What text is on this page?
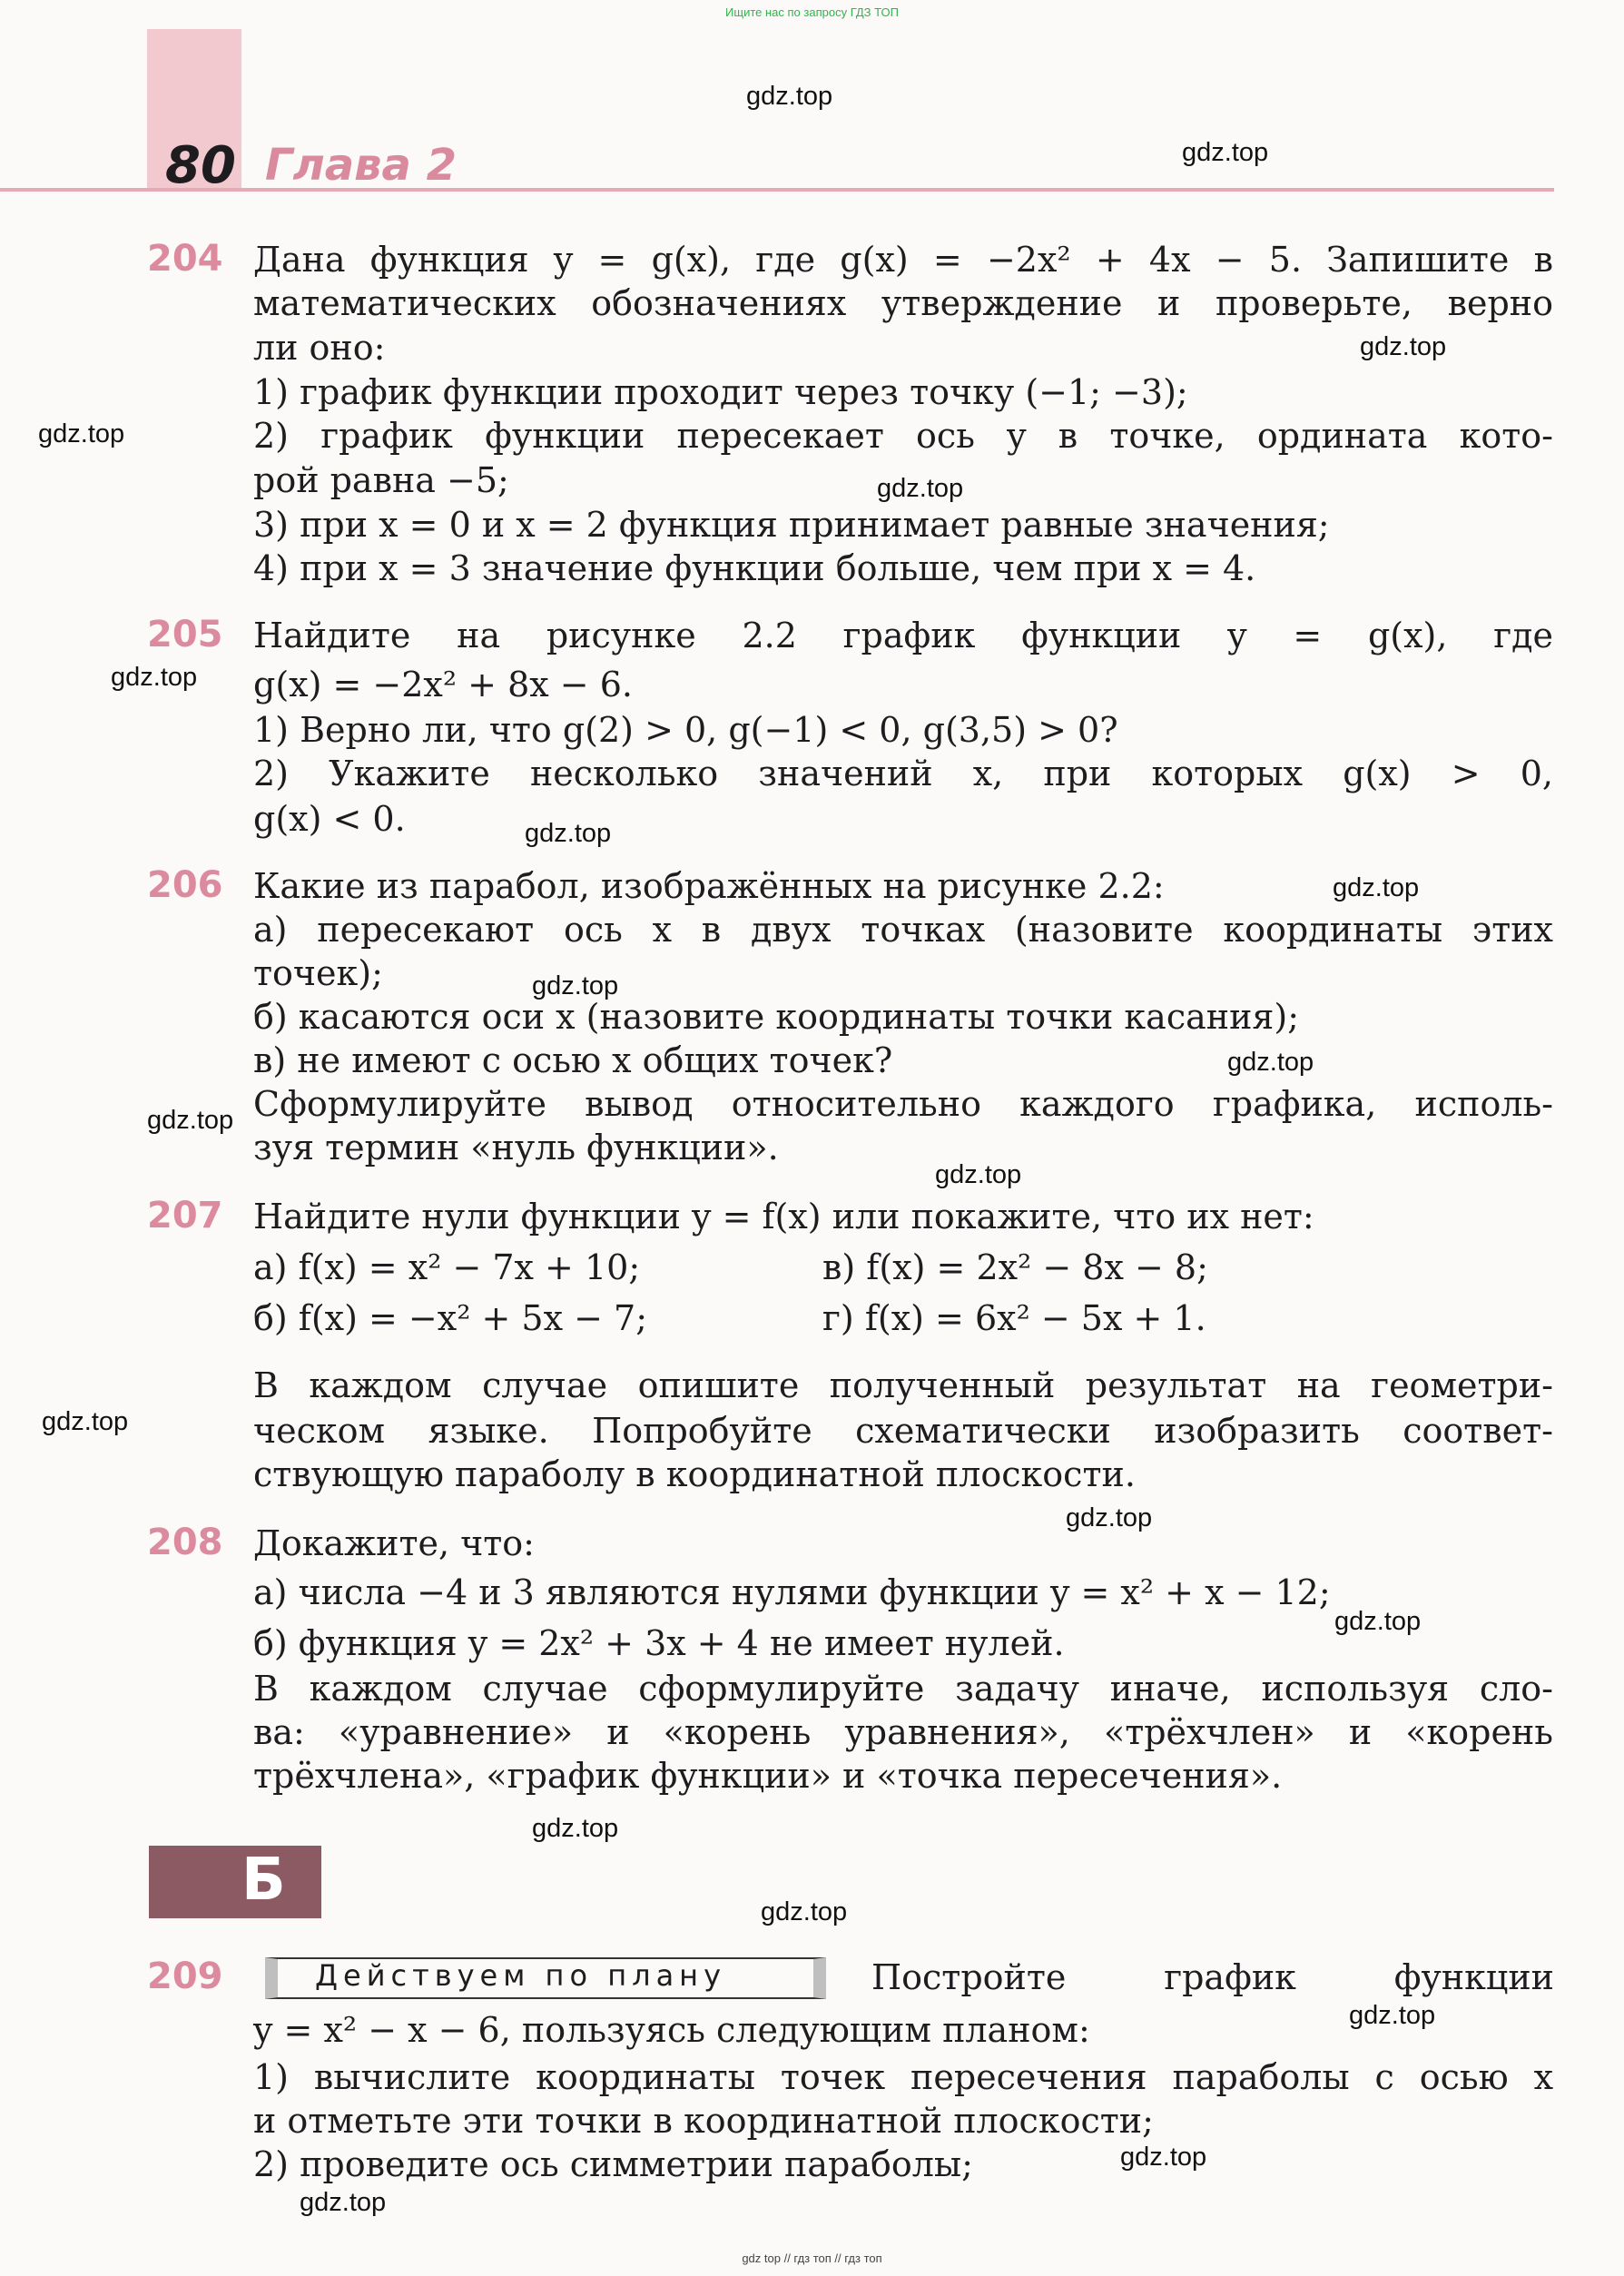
Ищите нас по запросу ГДЗ ТОП
80 Глава 2
gdz.top
gdz.top
gdz.top
gdz.top
gdz.top
gdz.top
gdz.top
gdz.top
gdz.top
gdz.top
gdz.top
gdz.top
gdz.top
gdz.top
gdz.top
gdz.top
gdz.top
gdz.top
gdz.top
gdz.top
204 Дана функция y = g(x), где g(x) = −2x² + 4x − 5. Запишите в
математических обозначениях утверждение и проверьте, верно
ли оно:
1) график функции проходит через точку (−1; −3);
2) график функции пересекает ось y в точке, ордината кото-
рой равна −5;
3) при x = 0 и x = 2 функция принимает равные значения;
4) при x = 3 значение функции больше, чем при x = 4.
205 Найдите на рисунке 2.2 график функции y = g(x), где
g(x) = −2x² + 8x − 6.
1) Верно ли, что g(2) > 0, g(−1) < 0, g(3,5) > 0?
2) Укажите несколько значений x, при которых g(x) > 0,
g(x) < 0.
206 Какие из парабол, изображённых на рисунке 2.2:
а) пересекают ось x в двух точках (назовите координаты этих
точек);
б) касаются оси x (назовите координаты точки касания);
в) не имеют с осью x общих точек?
Сформулируйте вывод относительно каждого графика, исполь-
зуя термин «нуль функции».
207 Найдите нули функции y = f(x) или покажите, что их нет:
а) f(x) = x² − 7x + 10;	в) f(x) = 2x² − 8x − 8;
б) f(x) = −x² + 5x − 7;	г) f(x) = 6x² − 5x + 1.
В каждом случае опишите полученный результат на геометри-
ческом языке. Попробуйте схематически изобразить соответ-
ствующую параболу в координатной плоскости.
208 Докажите, что:
а) числа −4 и 3 являются нулями функции y = x² + x − 12;
б) функция y = 2x² + 3x + 4 не имеет нулей.
В каждом случае сформулируйте задачу иначе, используя сло-
ва: «уравнение» и «корень уравнения», «трёхчлен» и «корень
трёхчлена», «график функции» и «точка пересечения».
Б
209	Действуем по плану	Постройте график функции
y = x² − x − 6, пользуясь следующим планом:
1) вычислите координаты точек пересечения параболы с осью x
и отметьте эти точки в координатной плоскости;
2) проведите ось симметрии параболы;
gdz top // гдз топ // гдз топ
